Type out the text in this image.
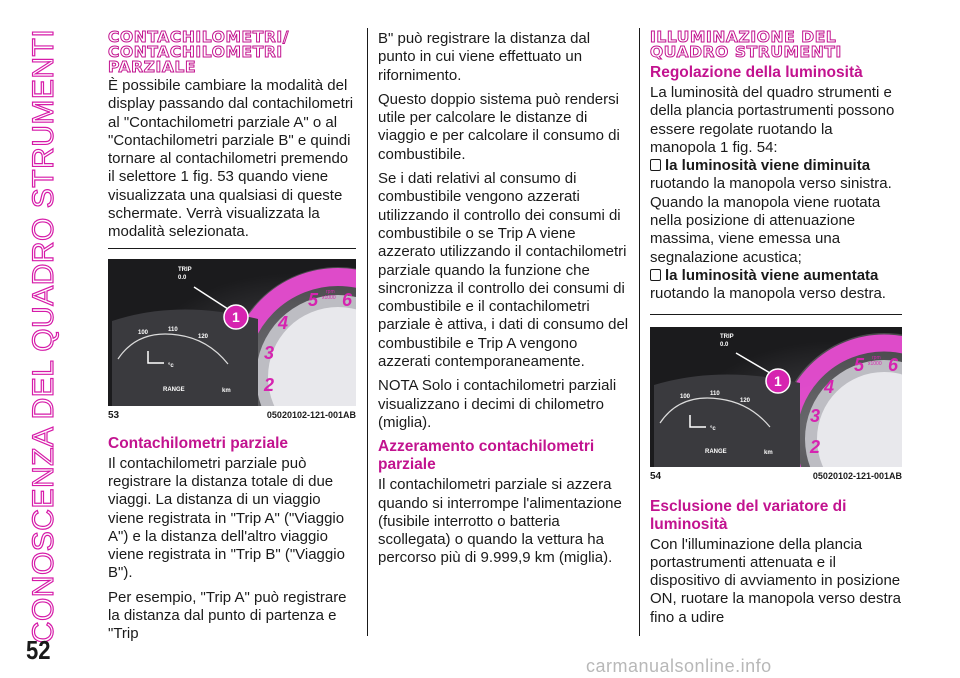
CONOSCENZA DEL QUADRO STRUMENTI
52
carmanualsonline.info
CONTACHILOMETRI/ CONTACHILOMETRI PARZIALE

È possibile cambiare la modalità del display passando dal contachilometri al "Contachilometri parziale A" o al "Contachilometri parziale B" e quindi tornare al contachilometri premendo il selettore 1 fig. 53 quando viene visualizzata una qualsiasi di queste schermate. Verrà visualizzata la modalità selezionata.

100	110
120
°c
RANGE	km
TRIP
0.0
1
2
3
4
5 6
rpm
x1000
53	05020102-121-001AB
Contachilometri parziale

Il contachilometri parziale può registrare la distanza totale di due viaggi. La distanza di un viaggio viene registrata in "Trip A" ("Viaggio A") e la distanza dell'altro viaggio viene registrata in "Trip B" ("Viaggio B").

Per esempio, "Trip A" può registrare la distanza dal punto di partenza e "Trip

B" può registrare la distanza dal punto in cui viene effettuato un rifornimento.

Questo doppio sistema può rendersi utile per calcolare le distanze di viaggio e per calcolare il consumo di combustibile.

Se i dati relativi al consumo di combustibile vengono azzerati utilizzando il controllo dei consumi di combustibile o se Trip A viene azzerato utilizzando il contachilometri parziale quando la funzione che sincronizza il controllo dei consumi di combustibile e il contachilometri parziale è attiva, i dati di consumo del combustibile e Trip A vengono azzerati contemporaneamente.

NOTA Solo i contachilometri parziali visualizzano i decimi di chilometro (miglia).

Azzeramento contachilometri parziale

Il contachilometri parziale si azzera quando si interrompe l'alimentazione (fusibile interrotto o batteria scollegata) o quando la vettura ha percorso più di 9.999,9 km (miglia).

ILLUMINAZIONE DEL QUADRO STRUMENTI
Regolazione della luminosità

La luminosità del quadro strumenti e della plancia portastrumenti possono essere regolate ruotando la manopola 1 fig. 54:

la luminosità viene diminuita

ruotando la manopola verso sinistra. Quando la manopola viene ruotata nella posizione di attenuazione massima, viene emessa una segnalazione acustica;

la luminosità viene aumentata

ruotando la manopola verso destra.

100	110
120
°c
RANGE	km
TRIP
0.0
1
2
3
4
5 6
rpm
x1000
54	05020102-121-001AB
Esclusione del variatore di luminosità

Con l'illuminazione della plancia portastrumenti attenuata e il dispositivo di avviamento in posizione ON, ruotare la manopola verso destra fino a udire
